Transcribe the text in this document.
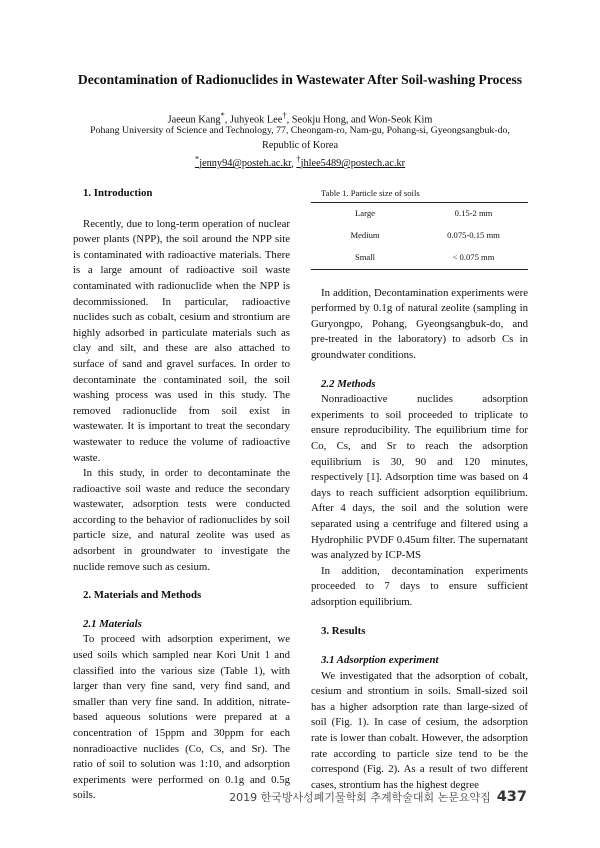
Decontamination of Radionuclides in Wastewater After Soil-washing Process
Jaeeun Kang*, Juhyeok Lee†, Seokju Hong, and Won-Seok Kim
Pohang University of Science and Technology, 77, Cheongam-ro, Nam-gu, Pohang-si, Gyeongsangbuk-do,
Republic of Korea
*jenny94@posteh.ac.kr, †jhlee5489@postech.ac.kr

1. Introduction

Recently, due to long-term operation of nuclear power plants (NPP), the soil around the NPP site is contaminated with radioactive materials. There is a large amount of radioactive soil waste contaminated with radionuclide when the NPP is decommissioned. In particular, radioactive nuclides such as cobalt, cesium and strontium are highly adsorbed in particulate materials such as clay and silt, and these are also attached to surface of sand and gravel surfaces. In order to decontaminate the contaminated soil, the soil washing process was used in this study. The removed radionuclide from soil exist in wastewater. It is important to treat the secondary wastewater to reduce the volume of radioactive waste.

In this study, in order to decontaminate the radioactive soil waste and reduce the secondary wastewater, adsorption tests were conducted according to the behavior of radionuclides by soil particle size, and natural zeolite was used as adsorbent in groundwater to investigate the nuclide remove such as cesium.

2. Materials and Methods

2.1 Materials

To proceed with adsorption experiment, we used soils which sampled near Kori Unit 1 and classified into the various size (Table 1), with larger than very fine sand, very find sand, and smaller than very fine sand. In addition, nitrate-based aqueous solutions were prepared at a concentration of 15ppm and 30ppm for each nonradioactive nuclides (Co, Cs, and Sr). The ratio of soil to solution was 1:10, and adsorption experiments were performed on 0.1g and 0.5g soils.

Table 1. Particle size of soils

Large	0.15-2 mm
Medium	0.075-0.15 mm
Small	< 0.075 mm

In addition, Decontamination experiments were performed by 0.1g of natural zeolite (sampling in Guryongpo, Pohang, Gyeongsangbuk-do, and pre-treated in the laboratory) to adsorb Cs in groundwater conditions.

2.2 Methods

Nonradioactive nuclides adsorption experiments to soil proceeded to triplicate to ensure reproducibility. The equilibrium time for Co, Cs, and Sr to reach the adsorption equilibrium is 30, 90 and 120 minutes, respectively [1]. Adsorption time was based on 4 days to reach sufficient adsorption equilibrium. After 4 days, the soil and the solution were separated using a centrifuge and filtered using a Hydrophilic PVDF 0.45um filter. The supernatant was analyzed by ICP-MS

In addition, decontamination experiments proceeded to 7 days to ensure sufficient adsorption equilibrium.

3. Results

3.1 Adsorption experiment

We investigated that the adsorption of cobalt, cesium and strontium in soils. Small-sized soil has a higher adsorption rate than large-sized of soil (Fig. 1). In case of cesium, the adsorption rate is lower than cobalt. However, the adsorption rate according to particle size tend to be the correspond (Fig. 2). As a result of two different cases, strontium has the highest degree

2019 한국방사성폐기물학회 추계학술대회 논문요약집 437
